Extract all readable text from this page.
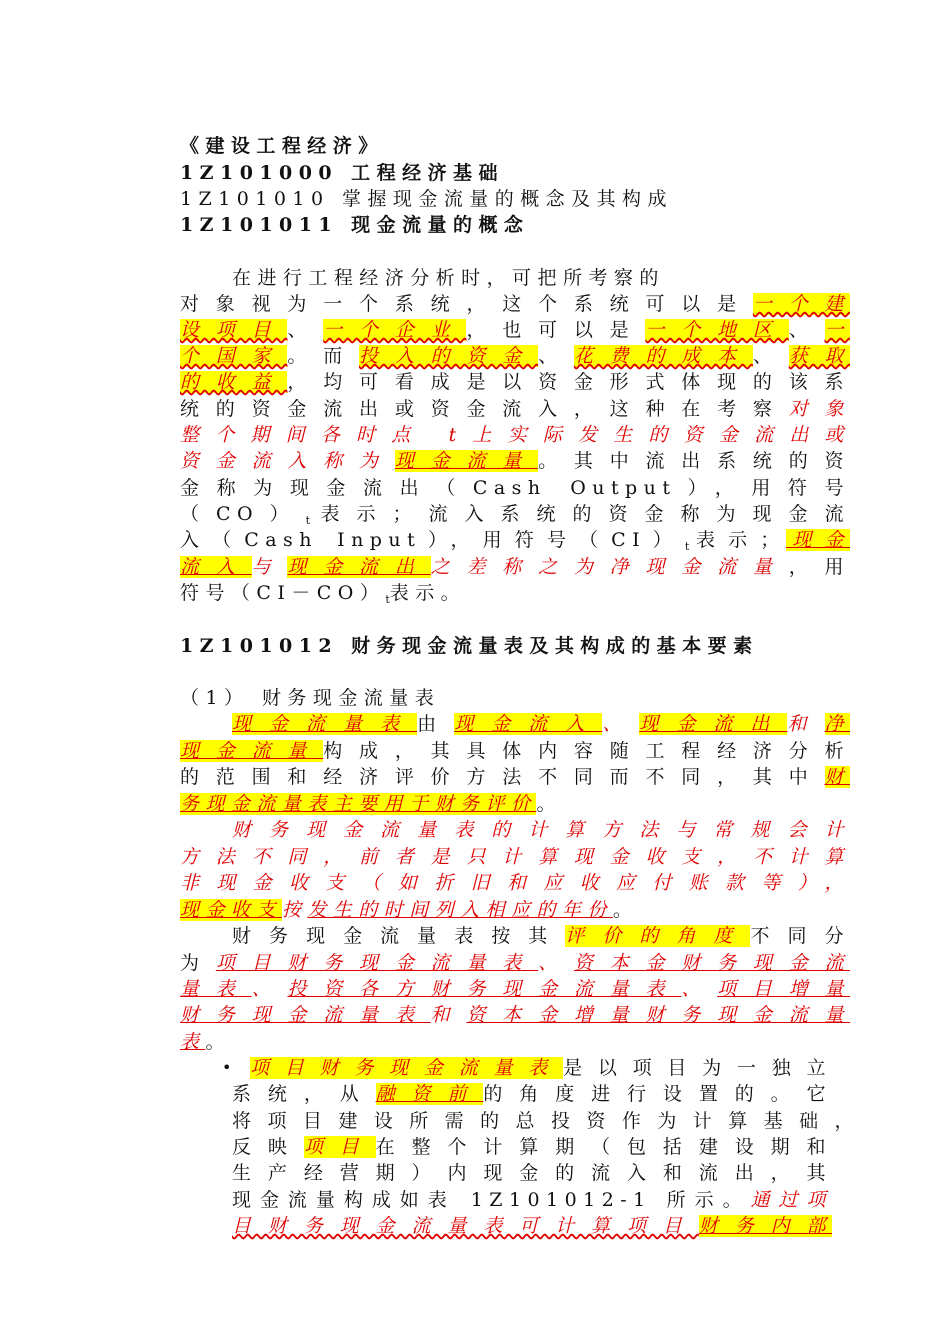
《建设工程经济》
1Z101000 工程经济基础
1Z101010 掌握现金流量的概念及其构成
1Z101011 现金流量的概念
在进行工程经济分析时，可把所考察的
对象视为一个系统，这个系统可以是一个建
设项目、一个企业，也可以是一个地区、一
个国家。而投入的资金、花费的成本、获取
的收益，均可看成是以资金形式体现的该系
统的资金流出或资金流入，这种在考察对象
整个期间各时点 t上实际发生的资金流出或
资金流入称为现金流量。其中流出系统的资
金称为现金流出（Cash Output），用符号
$(CO)_t$表示；流入系统的资金称为现金流
入（Cash Input），用符号$(CI)_t$表示；现金
流入与现金流出之差称之为净现金流量，用
符号$(CI-CO)_t$表示。
1Z101012 财务现金流量表及其构成的基本要素
（1） 财务现金流量表
现金流量表由现金流入、现金流出和净
现金流量构成，其具体内容随工程经济分析
的范围和经济评价方法不同而不同，其中财
务现金流量表主要用于财务评价。
财务现金流量表的计算方法与常规会计
方法不同，前者是只计算现金收支，不计算
非现金收支（如折旧和应收应付账款等），
现金收支按发生的时间列入相应的年份。
财务现金流量表按其评价的角度不同分
为项目财务现金流量表、资本金财务现金流
量表、投资各方财务现金流量表、项目增量
财务现金流量表和资本金增量财务现金流量
表。
• 项目财务现金流量表是以项目为一独立
系统，从融资前的角度进行设置的。它
将项目建设所需的总投资作为计算基础，
反映项目在整个计算期（包括建设期和
生产经营期）内现金的流入和流出，其
现金流量构成如表 1Z101012-1 所示。通过项
目财务现金流量表可计算项目财务内部
